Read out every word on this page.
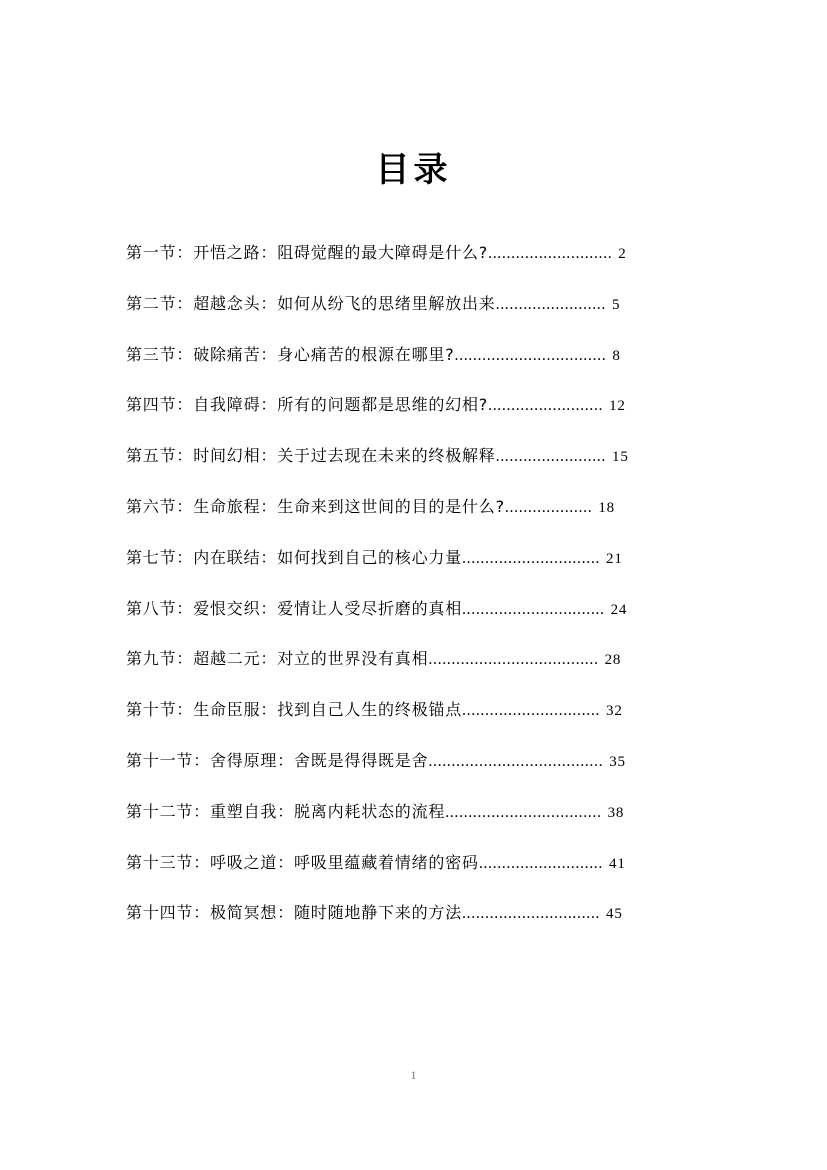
目录
第一节：开悟之路：阻碍觉醒的最大障碍是什么?........................... 2
第二节：超越念头：如何从纷飞的思绪里解放出来........................ 5
第三节：破除痛苦：身心痛苦的根源在哪里?................................. 8
第四节：自我障碍：所有的问题都是思维的幻相?......................... 12
第五节：时间幻相：关于过去现在未来的终极解释........................ 15
第六节：生命旅程：生命来到这世间的目的是什么?................... 18
第七节：内在联结：如何找到自己的核心力量.............................. 21
第八节：爱恨交织：爱情让人受尽折磨的真相............................... 24
第九节：超越二元：对立的世界没有真相..................................... 28
第十节：生命臣服：找到自己人生的终极锚点.............................. 32
第十一节：舍得原理：舍既是得得既是舍...................................... 35
第十二节：重塑自我：脱离内耗状态的流程.................................. 38
第十三节：呼吸之道：呼吸里蕴藏着情绪的密码........................... 41
第十四节：极简冥想：随时随地静下来的方法.............................. 45
1
